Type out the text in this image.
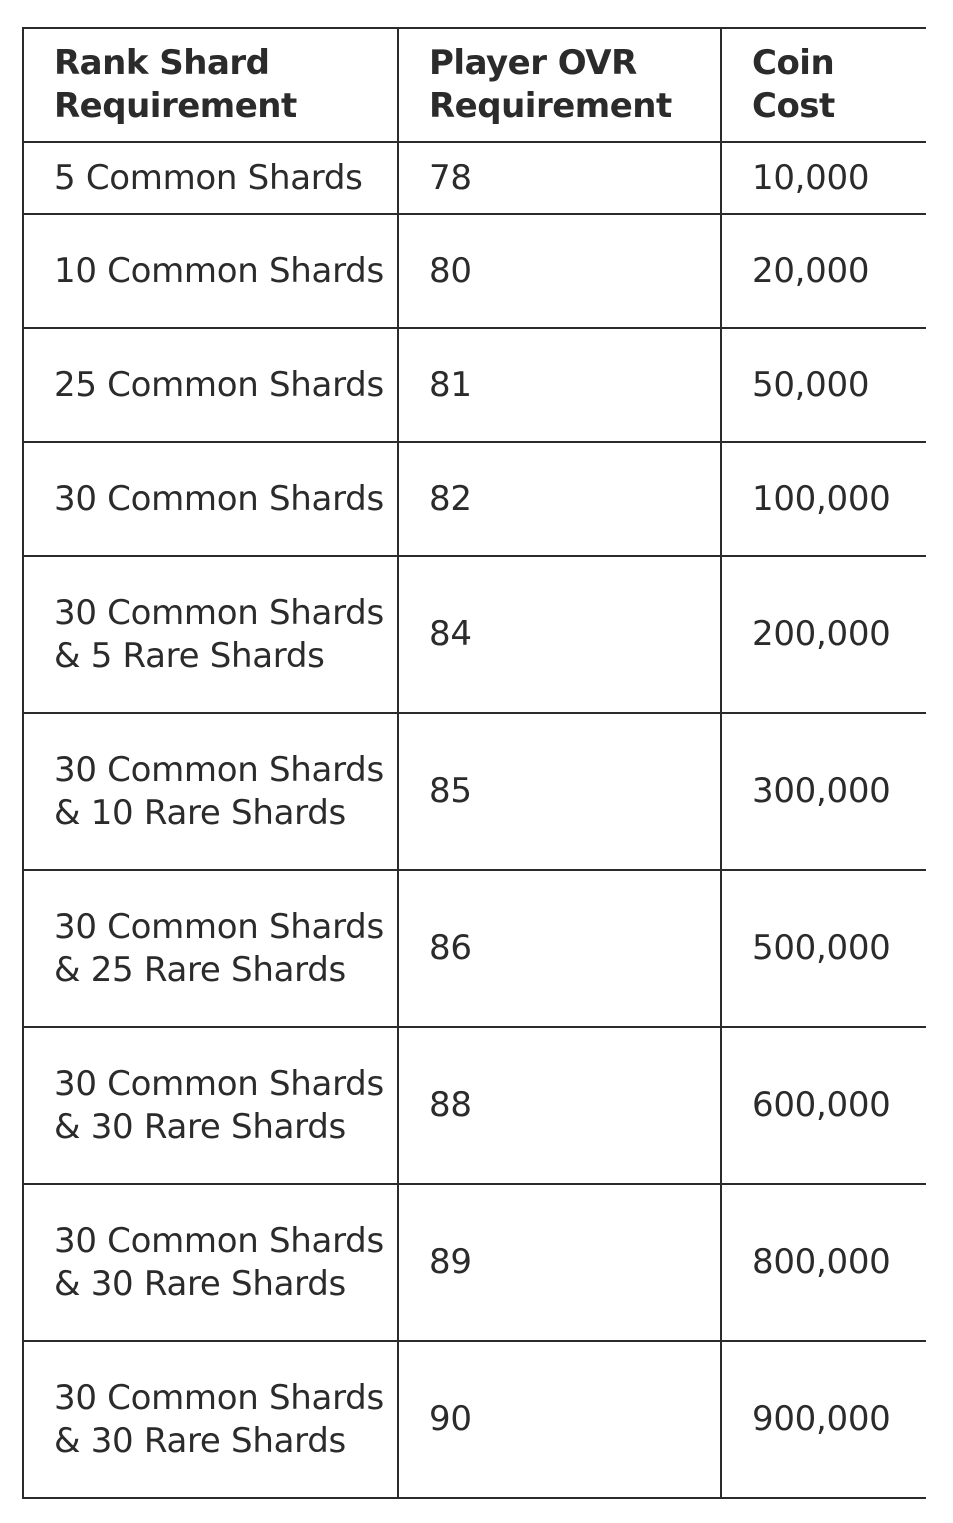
Rank Shard Requirement	Player OVR Requirement	Coin Cost
5 Common Shards	78	10,000
10 Common Shards	80	20,000
25 Common Shards	81	50,000
30 Common Shards	82	100,000
30 Common Shards & 5 Rare Shards	84	200,000
30 Common Shards & 10 Rare Shards	85	300,000
30 Common Shards & 25 Rare Shards	86	500,000
30 Common Shards & 30 Rare Shards	88	600,000
30 Common Shards & 30 Rare Shards	89	800,000
30 Common Shards & 30 Rare Shards	90	900,000
